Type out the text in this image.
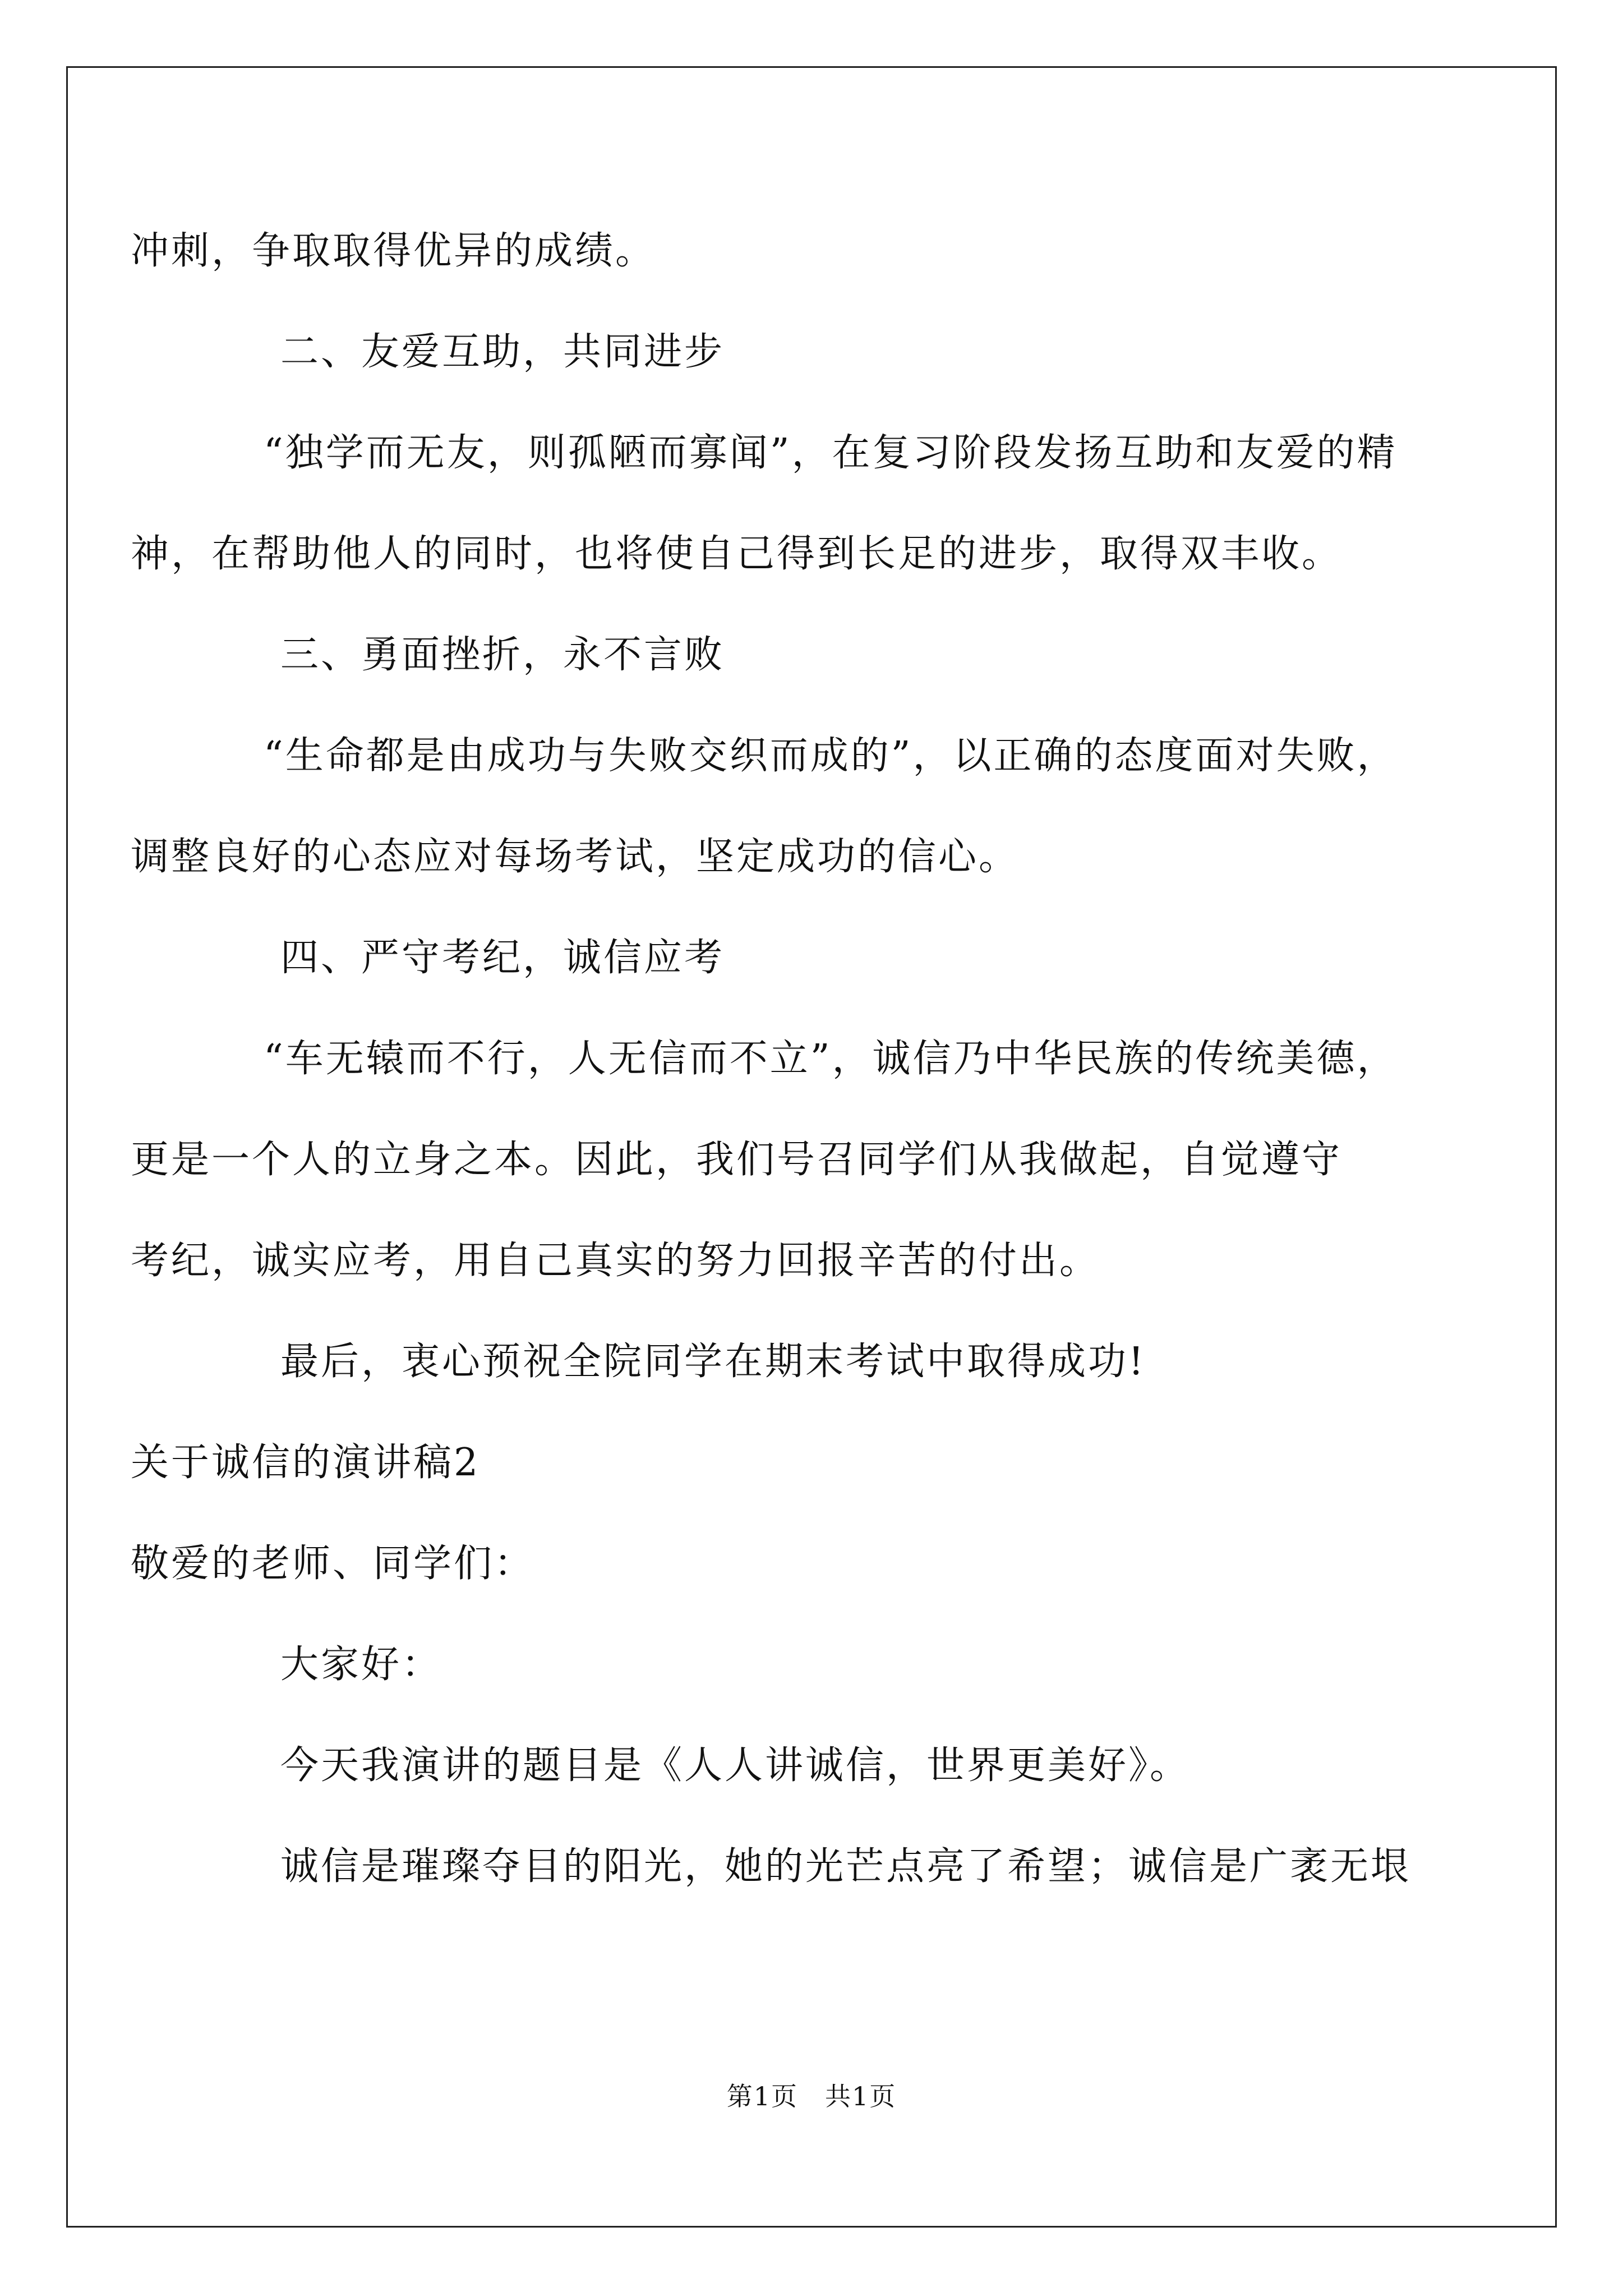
冲刺，争取取得优异的成绩。
二、友爱互助，共同进步
“独学而无友，则孤陋而寡闻”，在复习阶段发扬互助和友爱的精
神，在帮助他人的同时，也将使自己得到长足的进步，取得双丰收。
三、勇面挫折，永不言败
“生命都是由成功与失败交织而成的”，以正确的态度面对失败，
调整良好的心态应对每场考试，坚定成功的信心。
四、严守考纪，诚信应考
“车无辕而不行，人无信而不立”，诚信乃中华民族的传统美德，
更是一个人的立身之本。因此，我们号召同学们从我做起，自觉遵守
考纪，诚实应考，用自己真实的努力回报辛苦的付出。
最后，衷心预祝全院同学在期末考试中取得成功!
关于诚信的演讲稿2
敬爱的老师、同学们：
大家好：
今天我演讲的题目是《人人讲诚信，世界更美好》。
诚信是璀璨夺目的阳光，她的光芒点亮了希望；诚信是广袤无垠
第1页　共1页
